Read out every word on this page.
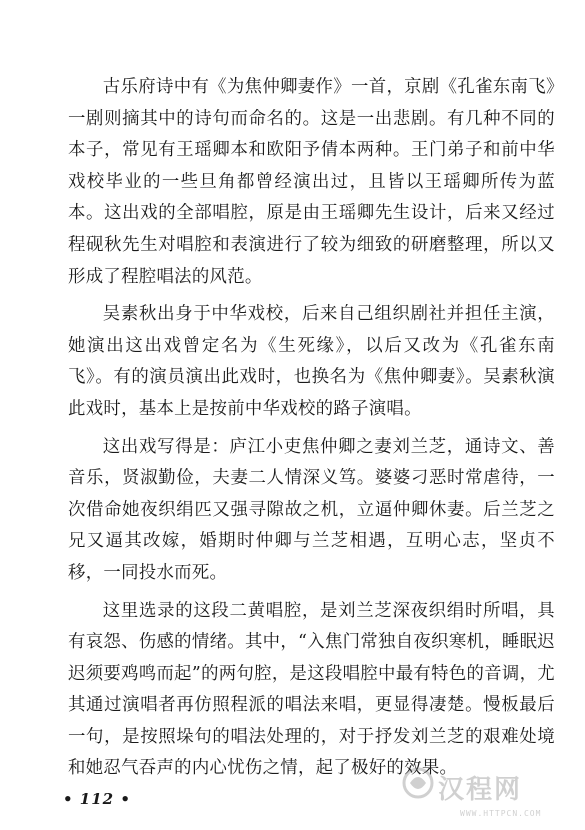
古乐府诗中有《为焦仲卿妻作》一首，京剧《孔雀东南飞》一剧则摘其中的诗句而命名的。这是一出悲剧。有几种不同的本子，常见有王瑶卿本和欧阳予倩本两种。王门弟子和前中华戏校毕业的一些旦角都曾经演出过，且皆以王瑶卿所传为蓝本。这出戏的全部唱腔，原是由王瑶卿先生设计，后来又经过程砚秋先生对唱腔和表演进行了较为细致的研磨整理，所以又形成了程腔唱法的风范。

吴素秋出身于中华戏校，后来自己组织剧社并担任主演，她演出这出戏曾定名为《生死缘》，以后又改为《孔雀东南飞》。有的演员演出此戏时，也换名为《焦仲卿妻》。吴素秋演此戏时，基本上是按前中华戏校的路子演唱。

这出戏写得是：庐江小吏焦仲卿之妻刘兰芝，通诗文、善音乐，贤淑勤俭，夫妻二人情深义笃。婆婆刁恶时常虐待，一次借命她夜织绢匹又强寻隙故之机，立逼仲卿休妻。后兰芝之兄又逼其改嫁，婚期时仲卿与兰芝相遇，互明心志，坚贞不移，一同投水而死。

这里选录的这段二黄唱腔，是刘兰芝深夜织绢时所唱，具有哀怨、伤感的情绪。其中，“入焦门常独自夜织寒机，睡眠迟迟须要鸡鸣而起”的两句腔，是这段唱腔中最有特色的音调，尤其通过演唱者再仿照程派的唱法来唱，更显得凄楚。慢板最后一句，是按照垛句的唱法处理的，对于抒发刘兰芝的艰难处境和她忍气吞声的内心忧伤之情，起了极好的效果。

• 112 •	汉程网
WWW.HTTPCN.COM
